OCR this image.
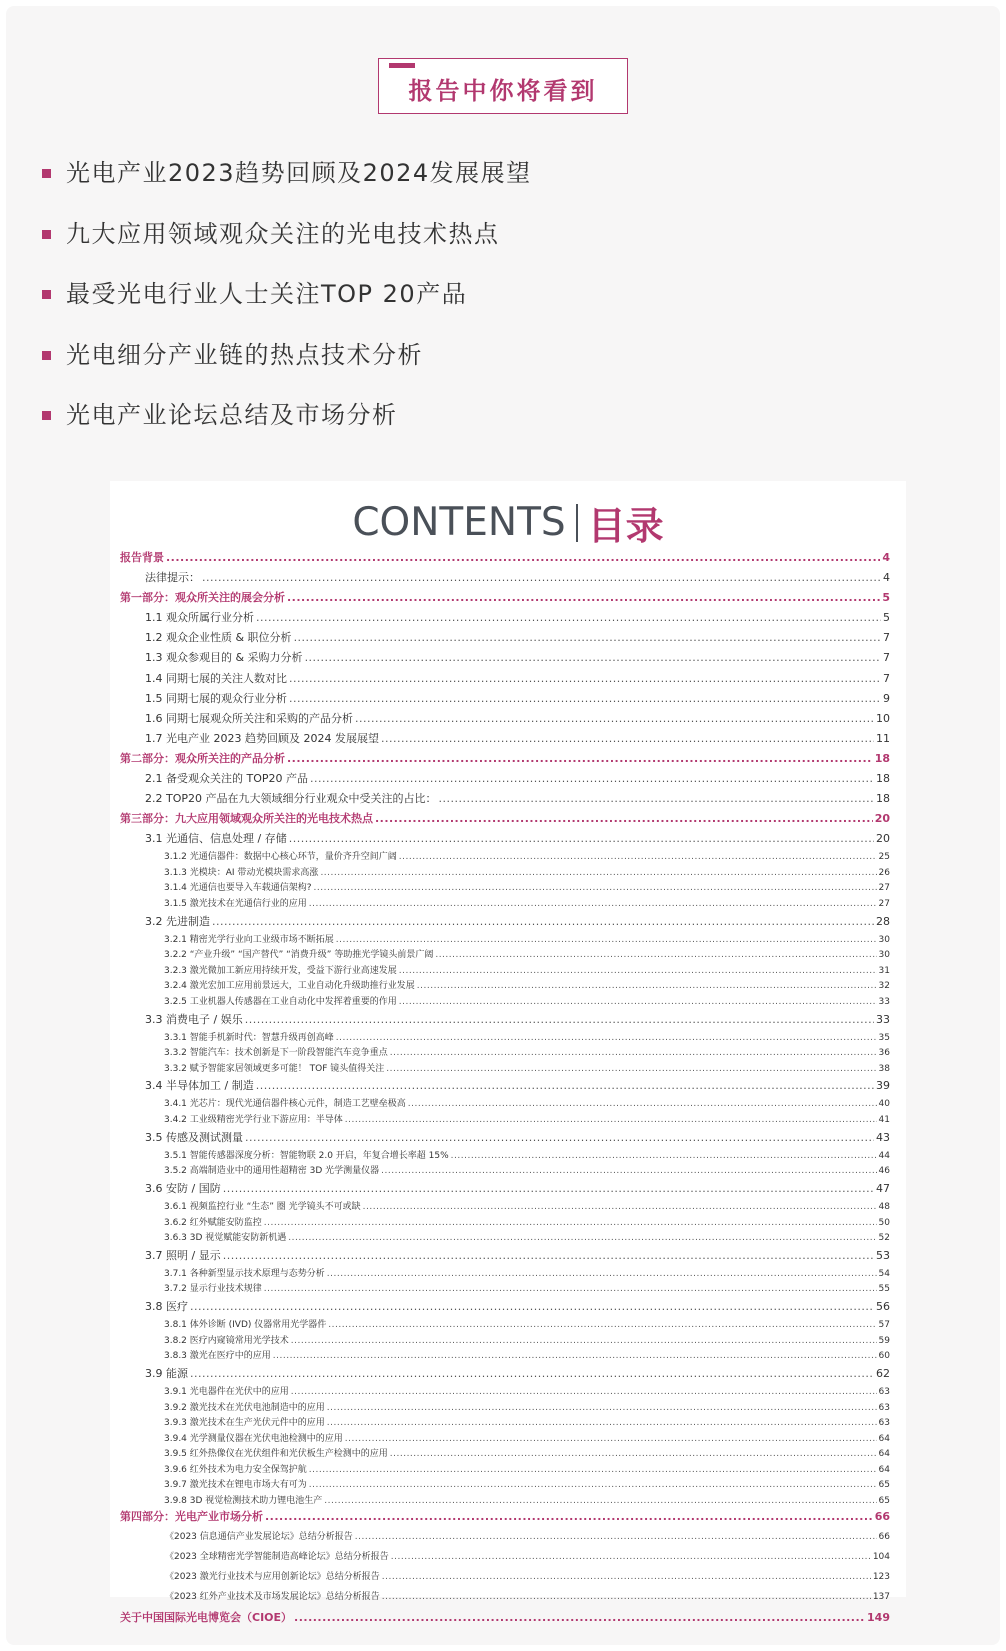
报告中你将看到
光电产业2023趋势回顾及2024发展展望
九大应用领域观众关注的光电技术热点
最受光电行业人士关注TOP 20产品
光电细分产业链的热点技术分析
光电产业论坛总结及市场分析
CONTENTS 目录
报告背景 .....	4
法律提示： .....	4
第一部分：观众所关注的展会分析 .....	5
1.1 观众所属行业分析 .....	5
1.2 观众企业性质 & 职位分析 .....	7
1.3 观众参观目的 & 采购力分析 .....	7
1.4 同期七展的关注人数对比 .....	7
1.5 同期七展的观众行业分析 .....	9
1.6 同期七展观众所关注和采购的产品分析 .....	10
1.7 光电产业 2023 趋势回顾及 2024 发展展望 .....	11
第二部分：观众所关注的产品分析 .....	18
2.1 备受观众关注的 TOP20 产品 .....	18
2.2 TOP20 产品在九大领域细分行业观众中受关注的占比： .....	18
第三部分：九大应用领域观众所关注的光电技术热点 .....	20
3.1 光通信、信息处理 / 存储 .....	20
3.1.2 光通信器件：数据中心核心环节，量价齐升空间广阔 .....	25
3.1.3 光模块：AI 带动光模块需求高涨 .....	26
3.1.4 光通信也要导入车载通信架构? .....	27
3.1.5 激光技术在光通信行业的应用 .....	27
3.2 先进制造 .....	28
3.2.1 精密光学行业向工业级市场不断拓展 .....	30
3.2.2 “产业升级” “国产替代” “消费升级” 等助推光学镜头前景广阔 .....	30
3.2.3 激光微加工新应用持续开发，受益下游行业高速发展 .....	31
3.2.4 激光宏加工应用前景远大，工业自动化升级助推行业发展 .....	32
3.2.5 工业机器人传感器在工业自动化中发挥着重要的作用 .....	33
3.3 消费电子 / 娱乐 .....	33
3.3.1 智能手机新时代：智慧升级再创高峰 .....	35
3.3.2 智能汽车：技术创新是下一阶段智能汽车竞争重点 .....	36
3.3.2 赋予智能家居领域更多可能！ TOF 镜头值得关注 .....	38
3.4 半导体加工 / 制造 .....	39
3.4.1 光芯片：现代光通信器件核心元件，制造工艺壁垒极高 .....	40
3.4.2 工业级精密光学行业下游应用：半导体 .....	41
3.5 传感及测试测量 .....	43
3.5.1 智能传感器深度分析：智能物联 2.0 开启，年复合增长率超 15% .....	44
3.5.2 高端制造业中的通用性超精密 3D 光学测量仪器 .....	46
3.6 安防 / 国防 .....	47
3.6.1 视频监控行业 “生态” 圈 光学镜头不可或缺 .....	48
3.6.2 红外赋能安防监控 .....	50
3.6.3 3D 视觉赋能安防新机遇 .....	52
3.7 照明 / 显示 .....	53
3.7.1 各种新型显示技术原理与态势分析 .....	54
3.7.2 显示行业技术规律 .....	55
3.8 医疗 .....	56
3.8.1 体外诊断 (IVD) 仪器常用光学器件 .....	57
3.8.2 医疗内窥镜常用光学技术 .....	59
3.8.3 激光在医疗中的应用 .....	60
3.9 能源 .....	62
3.9.1 光电器件在光伏中的应用 .....	63
3.9.2 激光技术在光伏电池制造中的应用 .....	63
3.9.3 激光技术在生产光伏元件中的应用 .....	63
3.9.4 光学测量仪器在光伏电池检测中的应用 .....	64
3.9.5 红外热像仪在光伏组件和光伏板生产检测中的应用 .....	64
3.9.6 红外技术为电力安全保驾护航 .....	64
3.9.7 激光技术在锂电市场大有可为 .....	65
3.9.8 3D 视觉检测技术助力锂电池生产 .....	65
第四部分：光电产业市场分析 .....	66
《2023 信息通信产业发展论坛》总结分析报告 .....	66
《2023 全球精密光学智能制造高峰论坛》总结分析报告 .....	104
《2023 激光行业技术与应用创新论坛》总结分析报告 .....	123
《2023 红外产业技术及市场发展论坛》总结分析报告 .....	137
关于中国国际光电博览会（CIOE） .....	149
